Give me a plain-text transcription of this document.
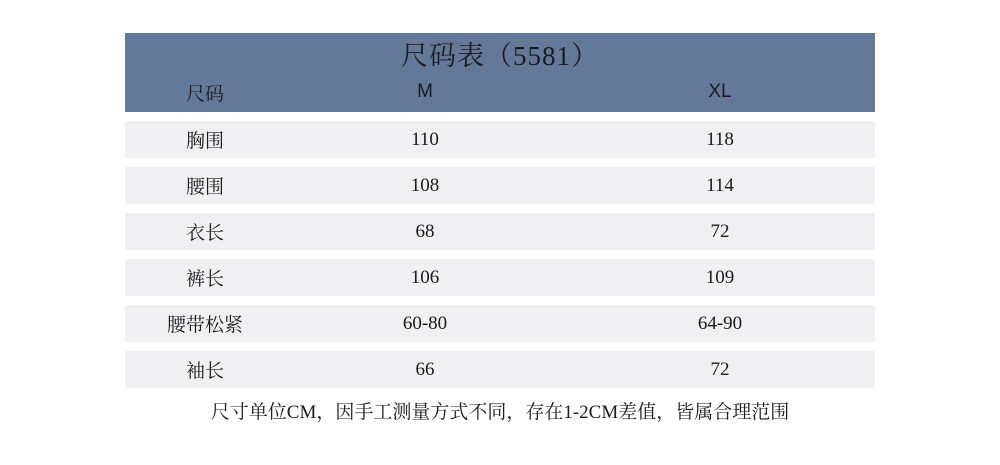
尺码表（5581）
尺码	M	XL
胸围	110	118
腰围	108	114
衣长	68	72
裤长	106	109
腰带松紧	60-80	64-90
袖长	66	72
尺寸单位CM，因手工测量方式不同，存在1-2CM差值，皆属合理范围
